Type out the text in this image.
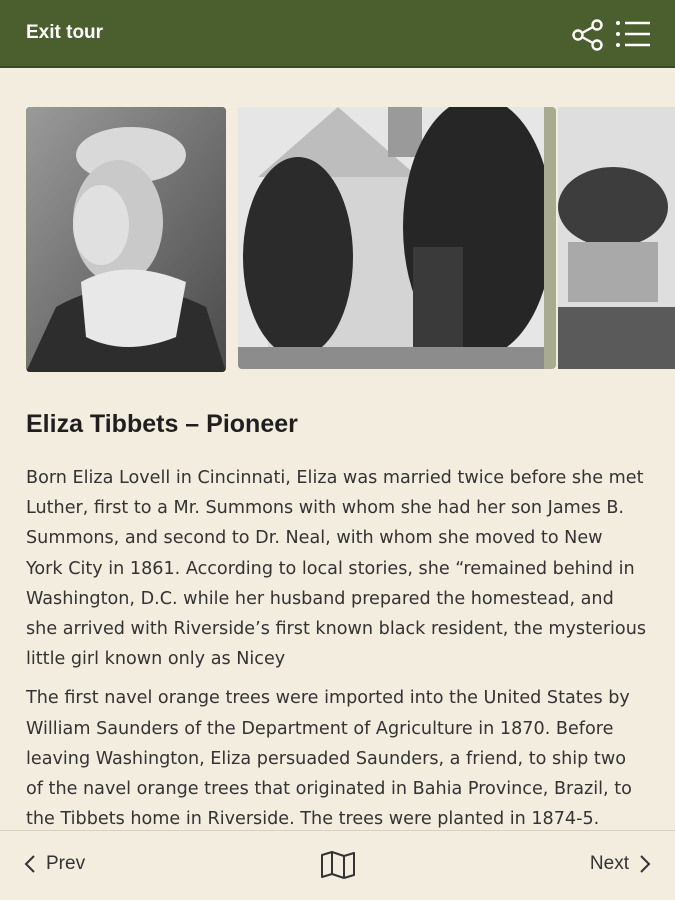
Exit tour
Eliza Tibbets – Pioneer

Born Eliza Lovell in Cincinnati, Eliza was married twice before she met
Luther, first to a Mr. Summons with whom she had her son James B.
Summons, and second to Dr. Neal, with whom she moved to New
York City in 1861. According to local stories, she “remained behind in
Washington, D.C. while her husband prepared the homestead, and
she arrived with Riverside’s first known black resident, the mysterious
little girl known only as Nicey

The first navel orange trees were imported into the United States by
William Saunders of the Department of Agriculture in 1870. Before
leaving Washington, Eliza persuaded Saunders, a friend, to ship two
of the navel orange trees that originated in Bahia Province, Brazil, to
the Tibbets home in Riverside. The trees were planted in 1874-5.

Prev	Next
